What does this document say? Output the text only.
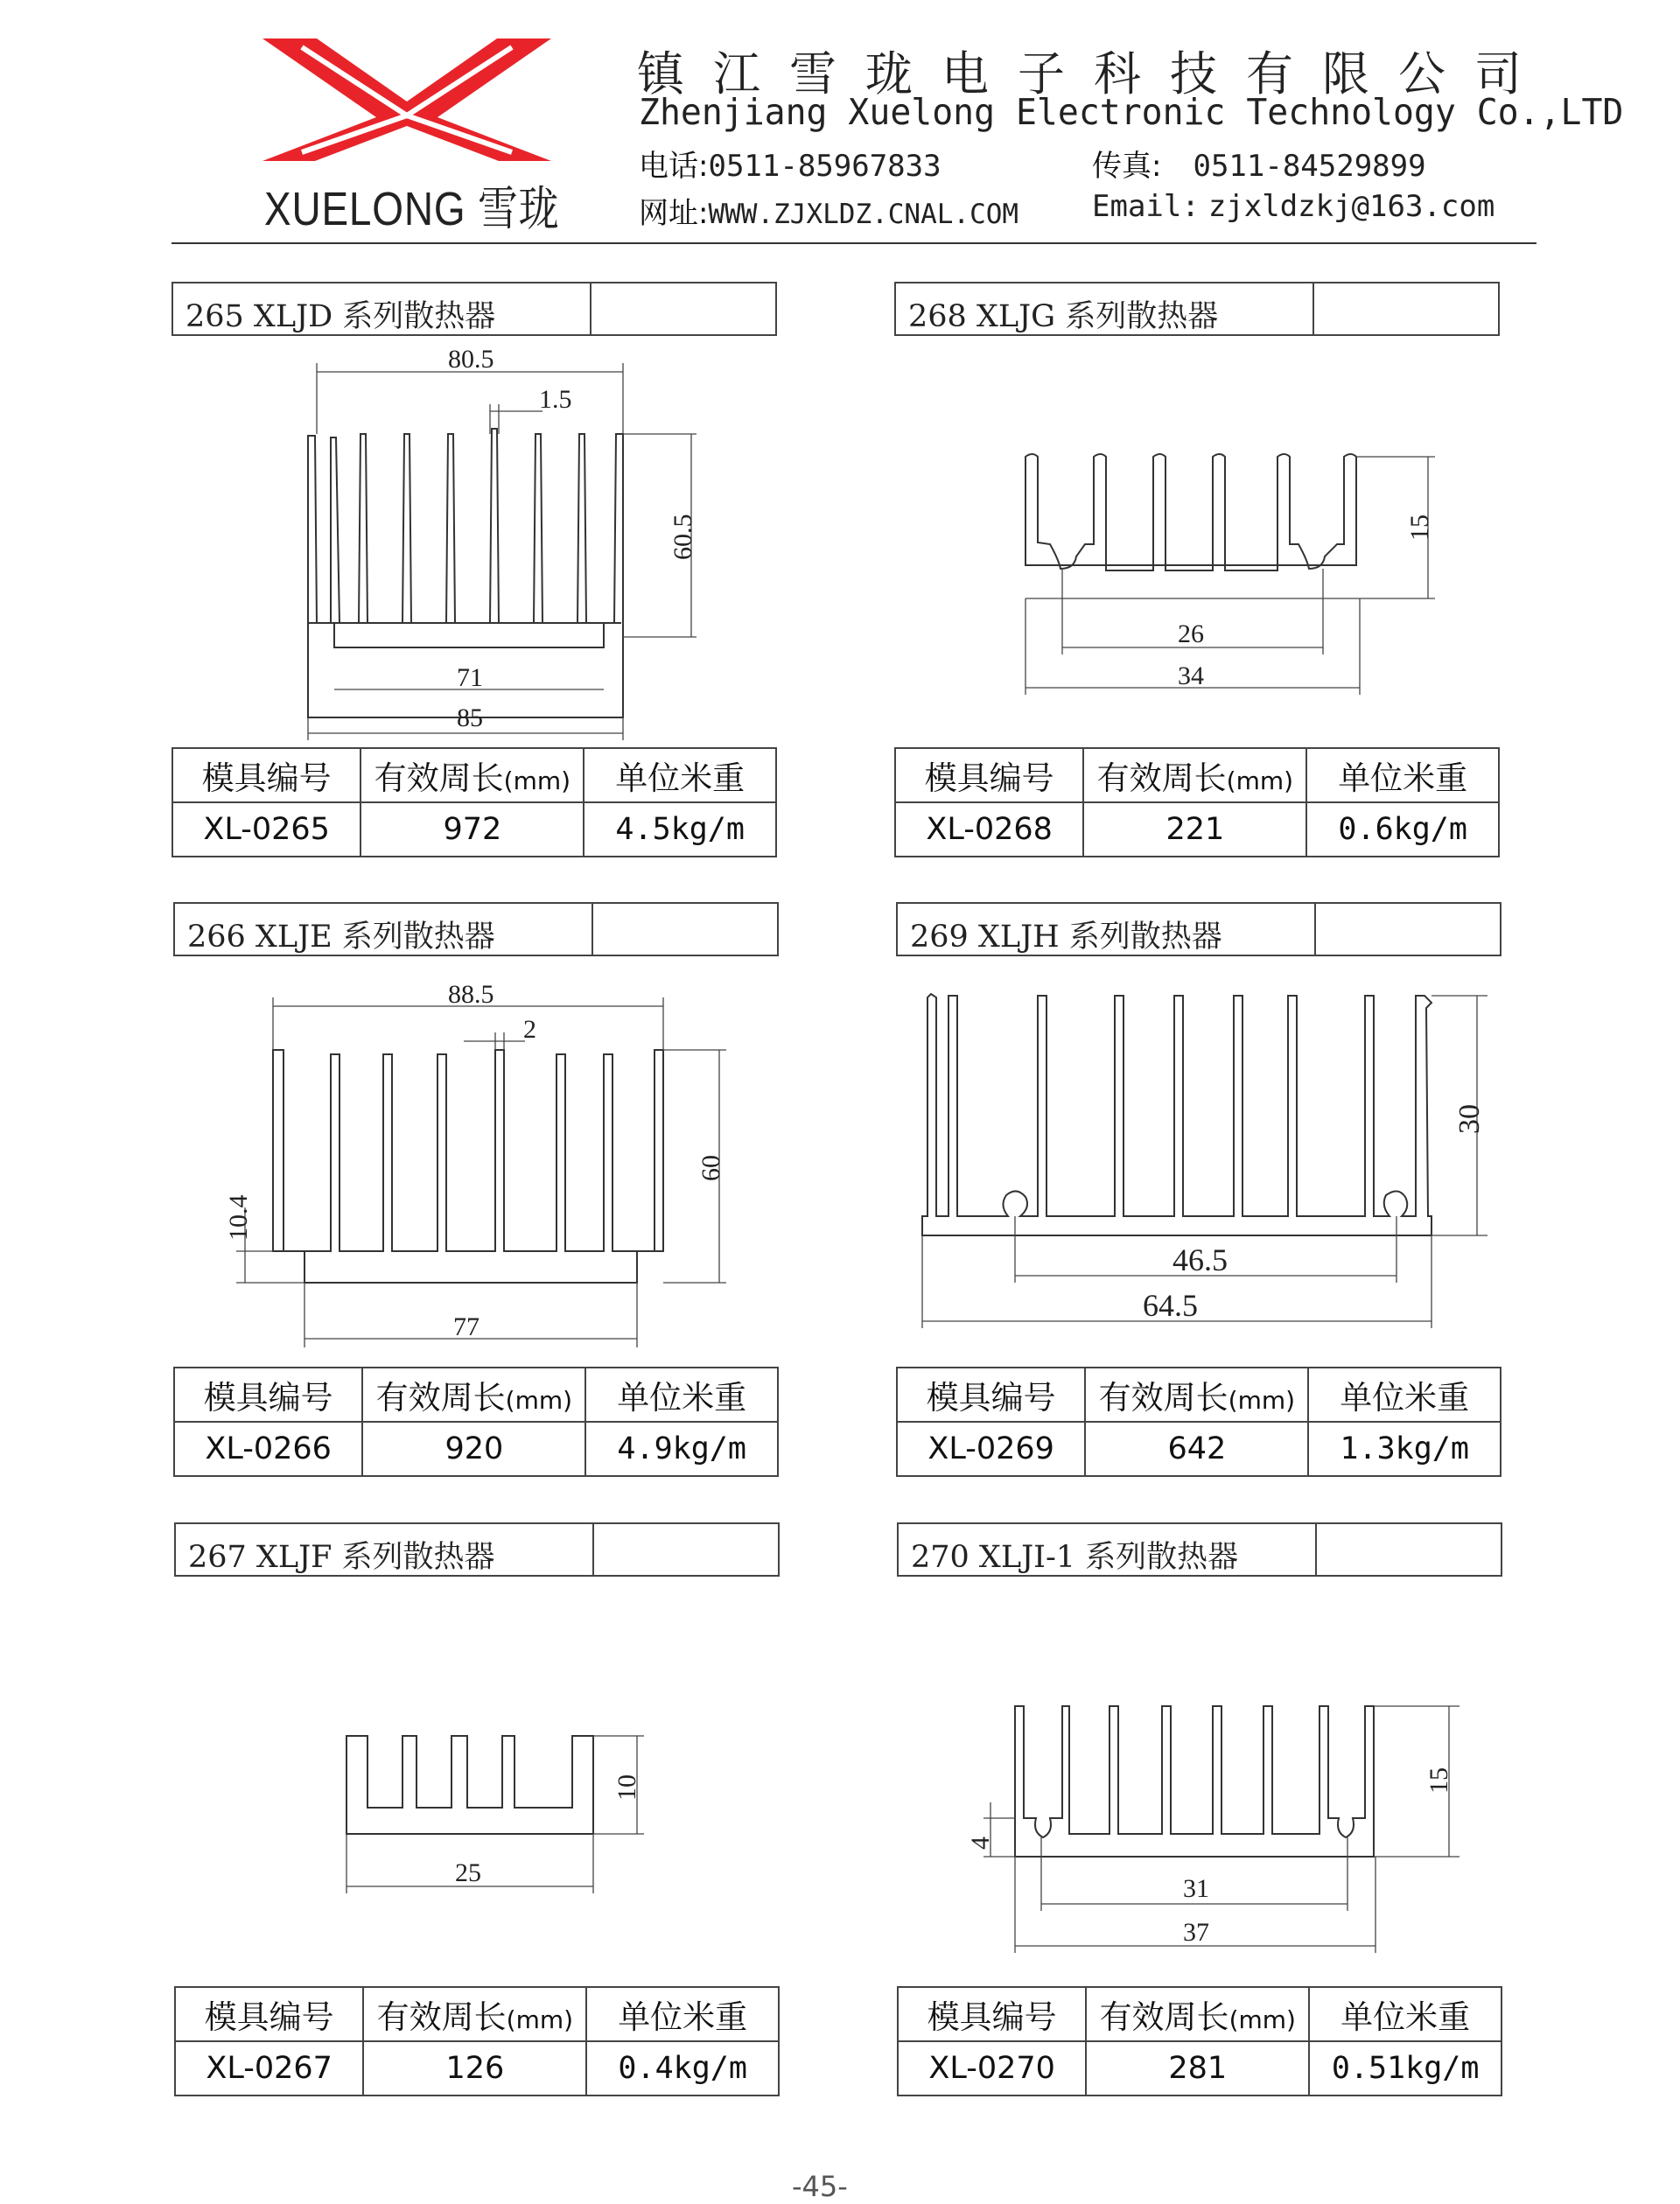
XUELONG 雪珑
镇江雪珑电子科技有限公司
Zhenjiang Xuelong Electronic Technology Co.,LTD
电话:0511-85967833	传真: 0511-84529899
网址:WWW.ZJXLDZ.CNAL.COM Email: zjxldzkj@163.com
265 XLJD 系列散热器	268 XLJG 系列散热器
266 XLJE 系列散热器	269 XLJH 系列散热器
267 XLJF 系列散热器	270 XLJI-1 系列散热器
80.5
1.5
60.5
71
85
15
26
34
88.5
2
60
10.4
77
30
46.5
64.5
10
25
4
15
31
37
模具编号	有效周长(mm)	单位米重
XL-0265	972	4.5kg/m
模具编号	有效周长(mm)	单位米重
XL-0268	221	0.6kg/m
模具编号	有效周长(mm)	单位米重
XL-0266	920	4.9kg/m
模具编号	有效周长(mm)	单位米重
XL-0269	642	1.3kg/m
模具编号	有效周长(mm)	单位米重
XL-0267	126	0.4kg/m
模具编号	有效周长(mm)	单位米重
XL-0270	281	0.51kg/m
-45-
